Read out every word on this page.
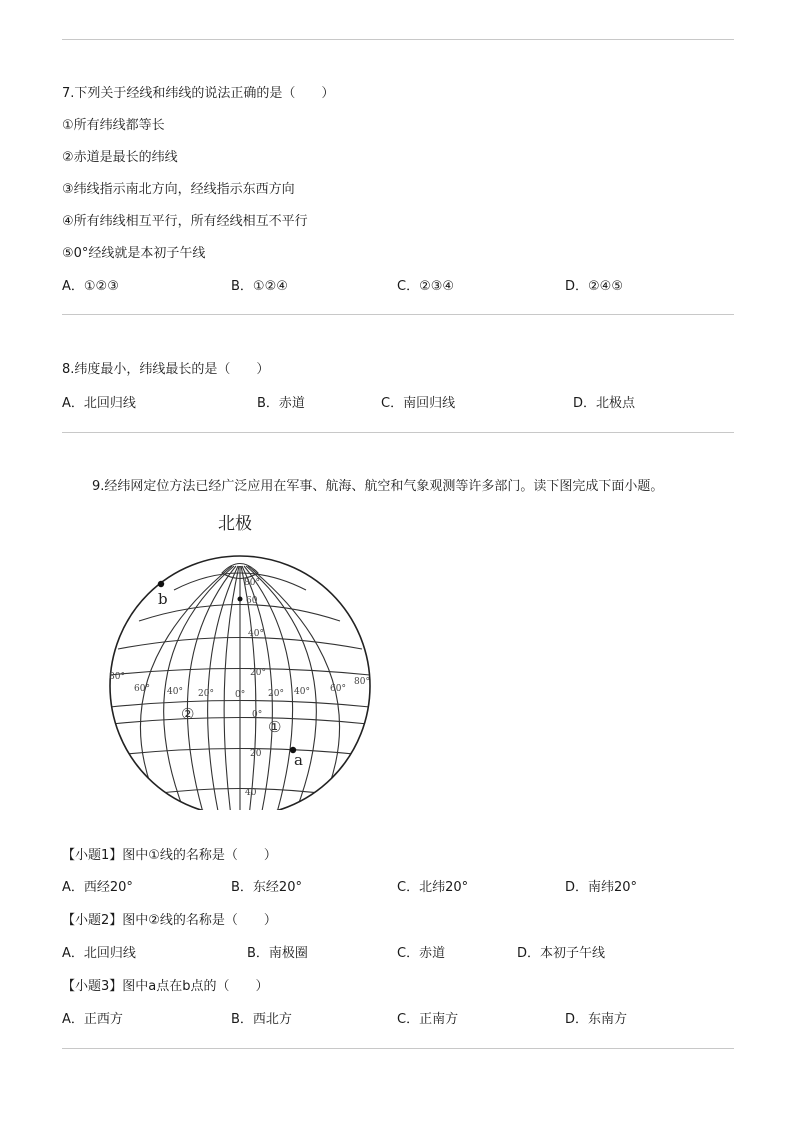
7.下列关于经线和纬线的说法正确的是（　　）
①所有纬线都等长
②赤道是最长的纬线
③纬线指示南北方向，经线指示东西方向
④所有纬线相互平行，所有经线相互不平行
⑤0°经线就是本初子午线
A．①②③	B．①②④	C．②③④	D．②④⑤
8.纬度最小，纬线最长的是（　　）
A．北回归线	B．赤道	C．南回归线	D．北极点
9.经纬网定位方法已经广泛应用在军事、航海、航空和气象观测等许多部门。读下图完成下面小题。
北极
80°
60
40°
20°
0°
20
40
80°
60° 40° 20° 0°	20° 40° 60°
80°
b
a
②
①
【小题1】图中①线的名称是（　　）
A．西经20°	B．东经20°	C．北纬20°	D．南纬20°
【小题2】图中②线的名称是（　　）
A．北回归线	B．南极圈	C．赤道	D．本初子午线
【小题3】图中a点在b点的（　　）
A．正西方	B．西北方	C．正南方	D．东南方
